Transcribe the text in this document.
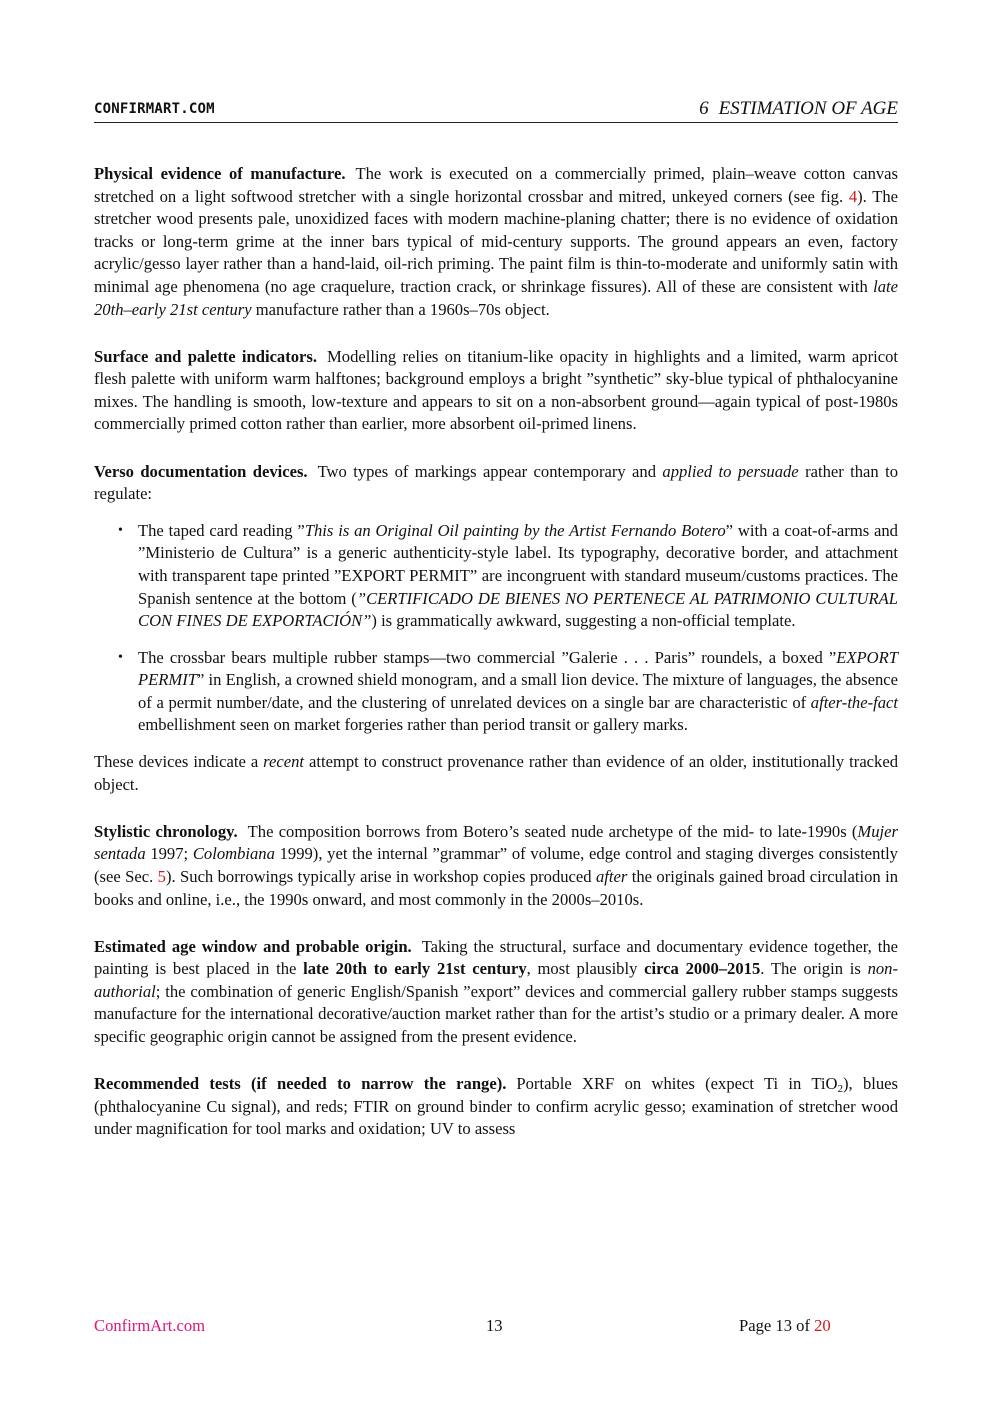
CONFIRMART.COM	6 ESTIMATION OF AGE

Physical evidence of manufacture. The work is executed on a commercially primed, plain–weave cotton canvas stretched on a light softwood stretcher with a single horizontal crossbar and mitred, unkeyed corners (see fig. 4). The stretcher wood presents pale, unoxidized faces with modern machine-planing chatter; there is no evidence of oxidation tracks or long-term grime at the inner bars typical of mid-century supports. The ground appears an even, factory acrylic/gesso layer rather than a hand-laid, oil-rich priming. The paint film is thin-to-moderate and uniformly satin with minimal age phenomena (no age craquelure, traction crack, or shrinkage fissures). All of these are consistent with late 20th–early 21st century manufacture rather than a 1960s–70s object.

Surface and palette indicators. Modelling relies on titanium-like opacity in highlights and a limited, warm apricot flesh palette with uniform warm halftones; background employs a bright ”synthetic” sky-blue typical of phthalocyanine mixes. The handling is smooth, low-texture and appears to sit on a non-absorbent ground—again typical of post-1980s commercially primed cotton rather than earlier, more absorbent oil-primed linens.

Verso documentation devices. Two types of markings appear contemporary and applied to persuade rather than to regulate:

• The taped card reading ”This is an Original Oil painting by the Artist Fernando Botero” with a coat-of-arms and ”Ministerio de Cultura” is a generic authenticity-style label. Its typography, decorative border, and attachment with transparent tape printed ”EXPORT PERMIT” are incongruent with standard museum/customs practices. The Spanish sentence at the bottom (”CERTIFICADO DE BIENES NO PERTENECE AL PATRIMONIO CULTURAL CON FINES DE EXPORTACIÓN”) is grammatically awkward, suggesting a non-official template.
• The crossbar bears multiple rubber stamps—two commercial ”Galerie . . . Paris” roundels, a boxed ”EXPORT PERMIT” in English, a crowned shield monogram, and a small lion device. The mixture of languages, the absence of a permit number/date, and the clustering of unrelated devices on a single bar are characteristic of after-the-fact embellishment seen on market forgeries rather than period transit or gallery marks.

These devices indicate a recent attempt to construct provenance rather than evidence of an older, institutionally tracked object.

Stylistic chronology. The composition borrows from Botero’s seated nude archetype of the mid- to late-1990s (Mujer sentada 1997; Colombiana 1999), yet the internal ”grammar” of volume, edge control and staging diverges consistently (see Sec. 5). Such borrowings typically arise in workshop copies produced after the originals gained broad circulation in books and online, i.e., the 1990s onward, and most commonly in the 2000s–2010s.

Estimated age window and probable origin. Taking the structural, surface and documentary evidence together, the painting is best placed in the late 20th to early 21st century, most plausibly circa 2000–2015. The origin is non-authorial; the combination of generic English/Spanish ”export” devices and commercial gallery rubber stamps suggests manufacture for the international decorative/auction market rather than for the artist’s studio or a primary dealer. A more specific geographic origin cannot be assigned from the present evidence.

Recommended tests (if needed to narrow the range). Portable XRF on whites (expect Ti in TiO$_2$), blues (phthalocyanine Cu signal), and reds; FTIR on ground binder to confirm acrylic gesso; examination of stretcher wood under magnification for tool marks and oxidation; UV to assess

ConfirmArt.com	13	Page 13 of 20
